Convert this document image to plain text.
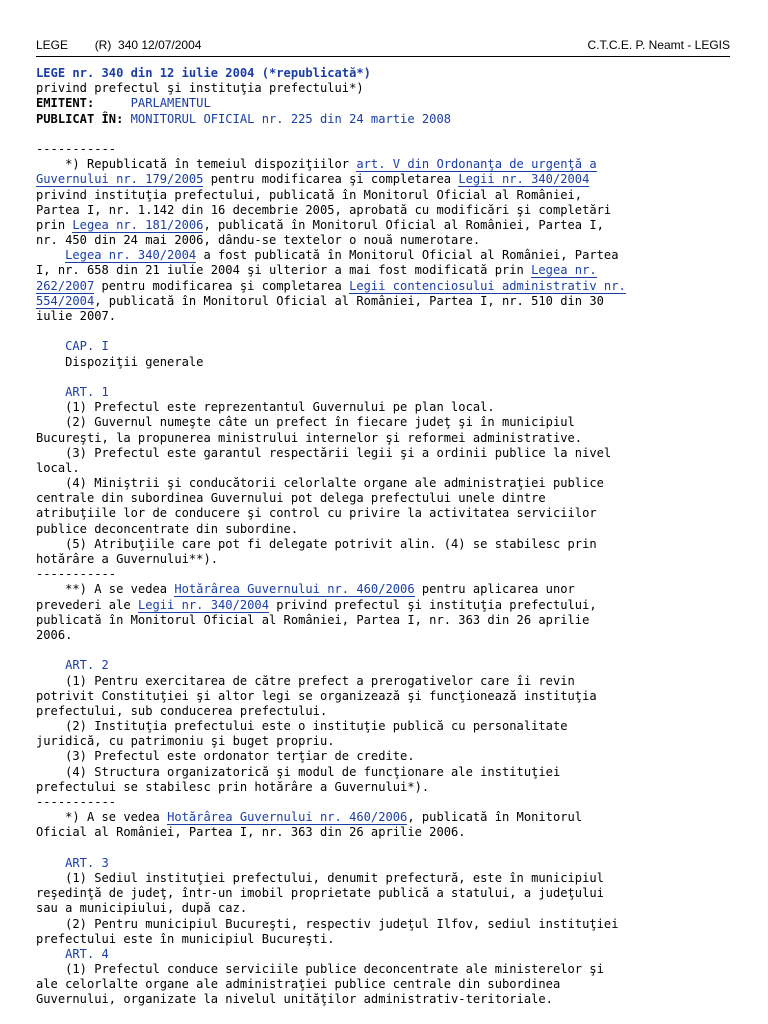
LEGE (R) 340 12/07/2004	C.T.C.E. P. Neamt - LEGIS
LEGE nr. 340 din 12 iulie 2004 (*republicată*)
privind prefectul şi instituţia prefectului*)
EMITENT:	PARLAMENTUL
PUBLICAT ÎN: MONITORUL OFICIAL nr. 225 din 24 martie 2008
-----------
*) Republicată în temeiul dispoziţiilor art. V din Ordonanţa de urgenţă a
Guvernului nr. 179/2005 pentru modificarea şi completarea Legii nr. 340/2004
privind instituţia prefectului, publicată în Monitorul Oficial al României,
Partea I, nr. 1.142 din 16 decembrie 2005, aprobată cu modificări şi completări
prin Legea nr. 181/2006, publicată în Monitorul Oficial al României, Partea I,
nr. 450 din 24 mai 2006, dându-se textelor o nouă numerotare.
Legea nr. 340/2004 a fost publicată în Monitorul Oficial al României, Partea
I, nr. 658 din 21 iulie 2004 şi ulterior a mai fost modificată prin Legea nr.
262/2007 pentru modificarea şi completarea Legii contenciosului administrativ nr.
554/2004, publicată în Monitorul Oficial al României, Partea I, nr. 510 din 30
iulie 2007.
CAP. I
Dispoziţii generale
ART. 1
(1) Prefectul este reprezentantul Guvernului pe plan local.
(2) Guvernul numeşte câte un prefect în fiecare judeţ şi în municipiul
Bucureşti, la propunerea ministrului internelor şi reformei administrative.
(3) Prefectul este garantul respectării legii şi a ordinii publice la nivel
local.
(4) Miniştrii şi conducătorii celorlalte organe ale administraţiei publice
centrale din subordinea Guvernului pot delega prefectului unele dintre
atribuţiile lor de conducere şi control cu privire la activitatea serviciilor
publice deconcentrate din subordine.
(5) Atribuţiile care pot fi delegate potrivit alin. (4) se stabilesc prin
hotărâre a Guvernului**).
-----------
**) A se vedea Hotărârea Guvernului nr. 460/2006 pentru aplicarea unor
prevederi ale Legii nr. 340/2004 privind prefectul şi instituţia prefectului,
publicată în Monitorul Oficial al României, Partea I, nr. 363 din 26 aprilie
2006.
ART. 2
(1) Pentru exercitarea de către prefect a prerogativelor care îi revin
potrivit Constituţiei şi altor legi se organizează şi funcţionează instituţia
prefectului, sub conducerea prefectului.
(2) Instituţia prefectului este o instituţie publică cu personalitate
juridică, cu patrimoniu şi buget propriu.
(3) Prefectul este ordonator terţiar de credite.
(4) Structura organizatorică şi modul de funcţionare ale instituţiei
prefectului se stabilesc prin hotărâre a Guvernului*).
-----------
*) A se vedea Hotărârea Guvernului nr. 460/2006, publicată în Monitorul
Oficial al României, Partea I, nr. 363 din 26 aprilie 2006.
ART. 3
(1) Sediul instituţiei prefectului, denumit prefectură, este în municipiul
reşedinţă de judeţ, într-un imobil proprietate publică a statului, a judeţului
sau a municipiului, după caz.
(2) Pentru municipiul Bucureşti, respectiv judeţul Ilfov, sediul instituţiei
prefectului este în municipiul Bucureşti.
ART. 4
(1) Prefectul conduce serviciile publice deconcentrate ale ministerelor şi
ale celorlalte organe ale administraţiei publice centrale din subordinea
Guvernului, organizate la nivelul unităţilor administrativ-teritoriale.
